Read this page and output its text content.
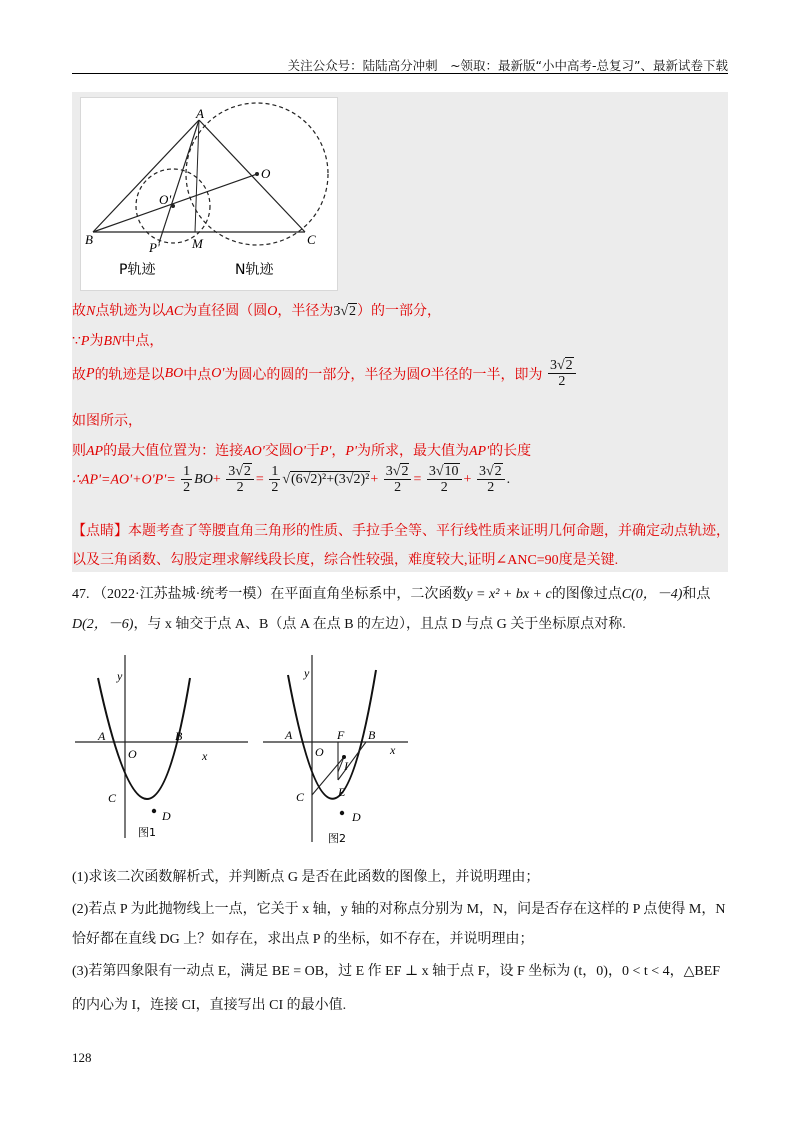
关注公众号：陆陆高分冲刺　~领取：最新版“小中高考-总复习”、最新试卷下载
A
O
O'
B
P' M	C
P轨迹	N轨迹
故N点轨迹为以AC为直径圆（圆O，半径为3√2）的一部分，
∵P为BN中点，
故P的轨迹是以BO中点O'为圆心的圆的一部分，半径为圆O半径的一半，即为 $\frac{3√2}{2}$
如图所示，
则AP的最大值位置为：连接AO'交圆O'于P'，P'为所求，最大值为AP'的长度
∴AP'=AO'+O'P'= $\frac{1}{2} BO+ \frac{3√2}{2} = \frac{1}{2} √(6√2)^2+(3√2)^2+ \frac{3√2}{2} = \frac{3√10}{2} + \frac{3√2}{2}$ .
【点睛】本题考查了等腰直角三角形的性质、手拉手全等、平行线性质来证明几何命题，并确定动点轨迹，
以及三角函数、勾股定理求解线段长度，综合性较强，难度较大,证明∠ANC=90度是关键.
47. （2022·江苏盐城·统考一模）在平面直角坐标系中，二次函数y = x² + bx + c的图像过点C(0，－4)和点
D(2，－6)，与 x 轴交于点 A、B（点 A 在点 B 的左边），且点 D 与点 G 关于坐标原点对称.
y
A
O
B
x
C
D
图1
y
A
O
F B
x
I
C	E
D
图2
(1)求该二次函数解析式，并判断点 G 是否在此函数的图像上，并说明理由；
(2)若点 P 为此抛物线上一点，它关于 x 轴，y 轴的对称点分别为 M，N，问是否存在这样的 P 点使得 M，N
恰好都在直线 DG 上？如存在，求出点 P 的坐标，如不存在，并说明理由；
(3)若第四象限有一动点 E，满足 BE = OB，过 E 作 EF ⊥ x 轴于点 F，设 F 坐标为 (t，0)，0 < t < 4，△BEF
的内心为 I，连接 CI，直接写出 CI 的最小值.
128
